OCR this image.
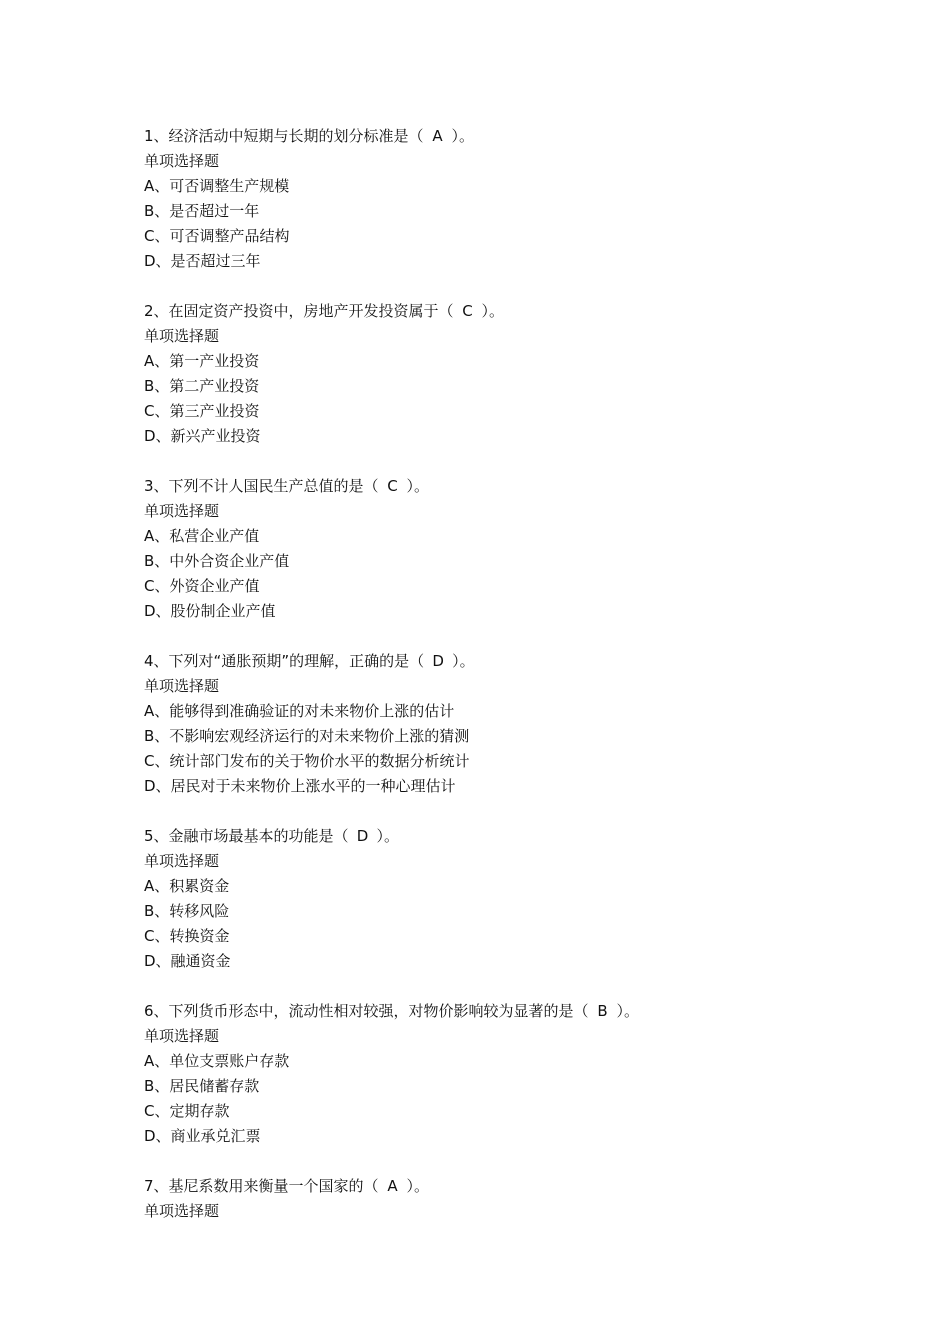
1、经济活动中短期与长期的划分标准是（ A ）。
单项选择题
A、可否调整生产规模
B、是否超过一年
C、可否调整产品结构
D、是否超过三年
2、在固定资产投资中，房地产开发投资属于（ C ）。
单项选择题
A、第一产业投资
B、第二产业投资
C、第三产业投资
D、新兴产业投资
3、下列不计人国民生产总值的是（ C ）。
单项选择题
A、私营企业产值
B、中外合资企业产值
C、外资企业产值
D、股份制企业产值
4、下列对“通胀预期”的理解，正确的是（ D ）。
单项选择题
A、能够得到准确验证的对未来物价上涨的估计
B、不影响宏观经济运行的对未来物价上涨的猜测
C、统计部门发布的关于物价水平的数据分析统计
D、居民对于未来物价上涨水平的一种心理估计
5、金融市场最基本的功能是（ D ）。
单项选择题
A、积累资金
B、转移风险
C、转换资金
D、融通资金
6、下列货币形态中，流动性相对较强，对物价影响较为显著的是（ B ）。
单项选择题
A、单位支票账户存款
B、居民储蓄存款
C、定期存款
D、商业承兑汇票
7、基尼系数用来衡量一个国家的（ A ）。
单项选择题
